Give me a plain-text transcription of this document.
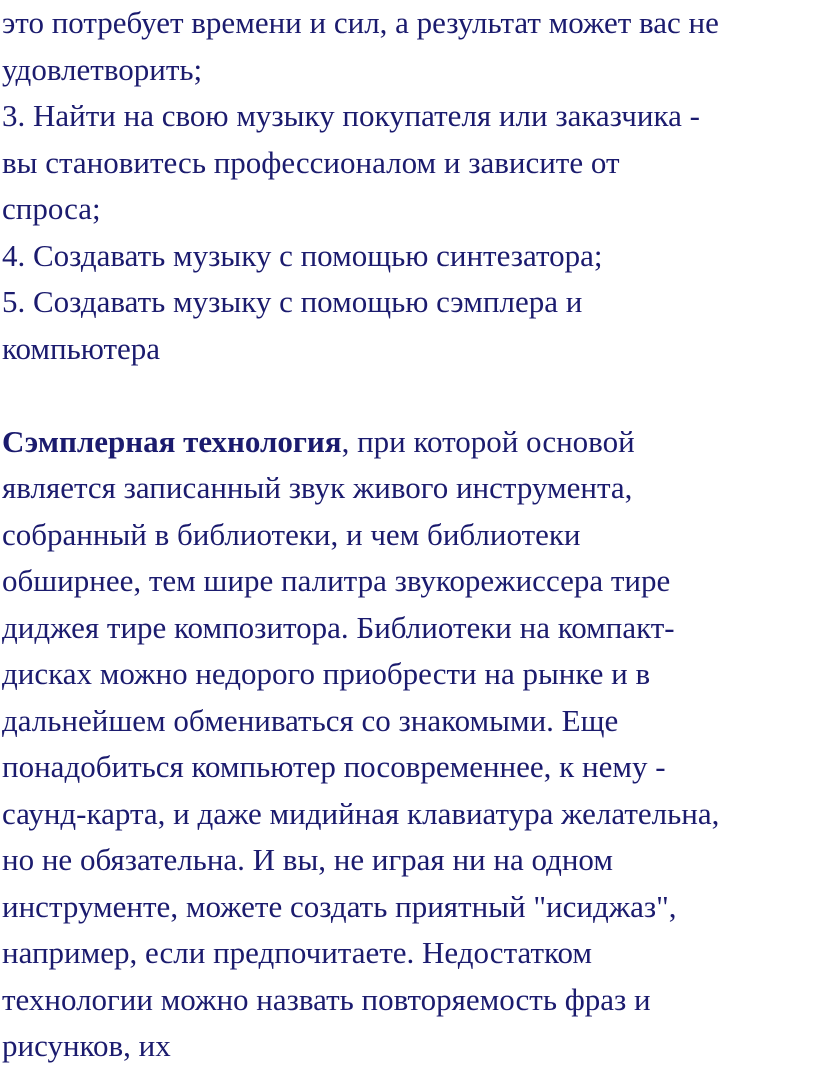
это потребует времени и сил, а результат может вас не
удовлетворить;
3. Найти на свою музыку покупателя или заказчика -
вы становитесь профессионалом и зависите от
спроса;
4. Создавать музыку с помощью синтезатора;
5. Создавать музыку с помощью сэмплера и
компьютера
Сэмплерная технология, при которой основой
является записанный звук живого инструмента,
собранный в библиотеки, и чем библиотеки
обширнее, тем шире палитра звукорежиссера тире
диджея тире композитора. Библиотеки на компакт-
дисках можно недорого приобрести на рынке и в
дальнейшем обмениваться со знакомыми. Еще
понадобиться компьютер посовременнее, к нему -
саунд-карта, и даже мидийная клавиатура желательна,
но не обязательна. И вы, не играя ни на одном
инструменте, можете создать приятный "исиджаз",
например, если предпочитаете. Недостатком
технологии можно назвать повторяемость фраз и
рисунков, их
